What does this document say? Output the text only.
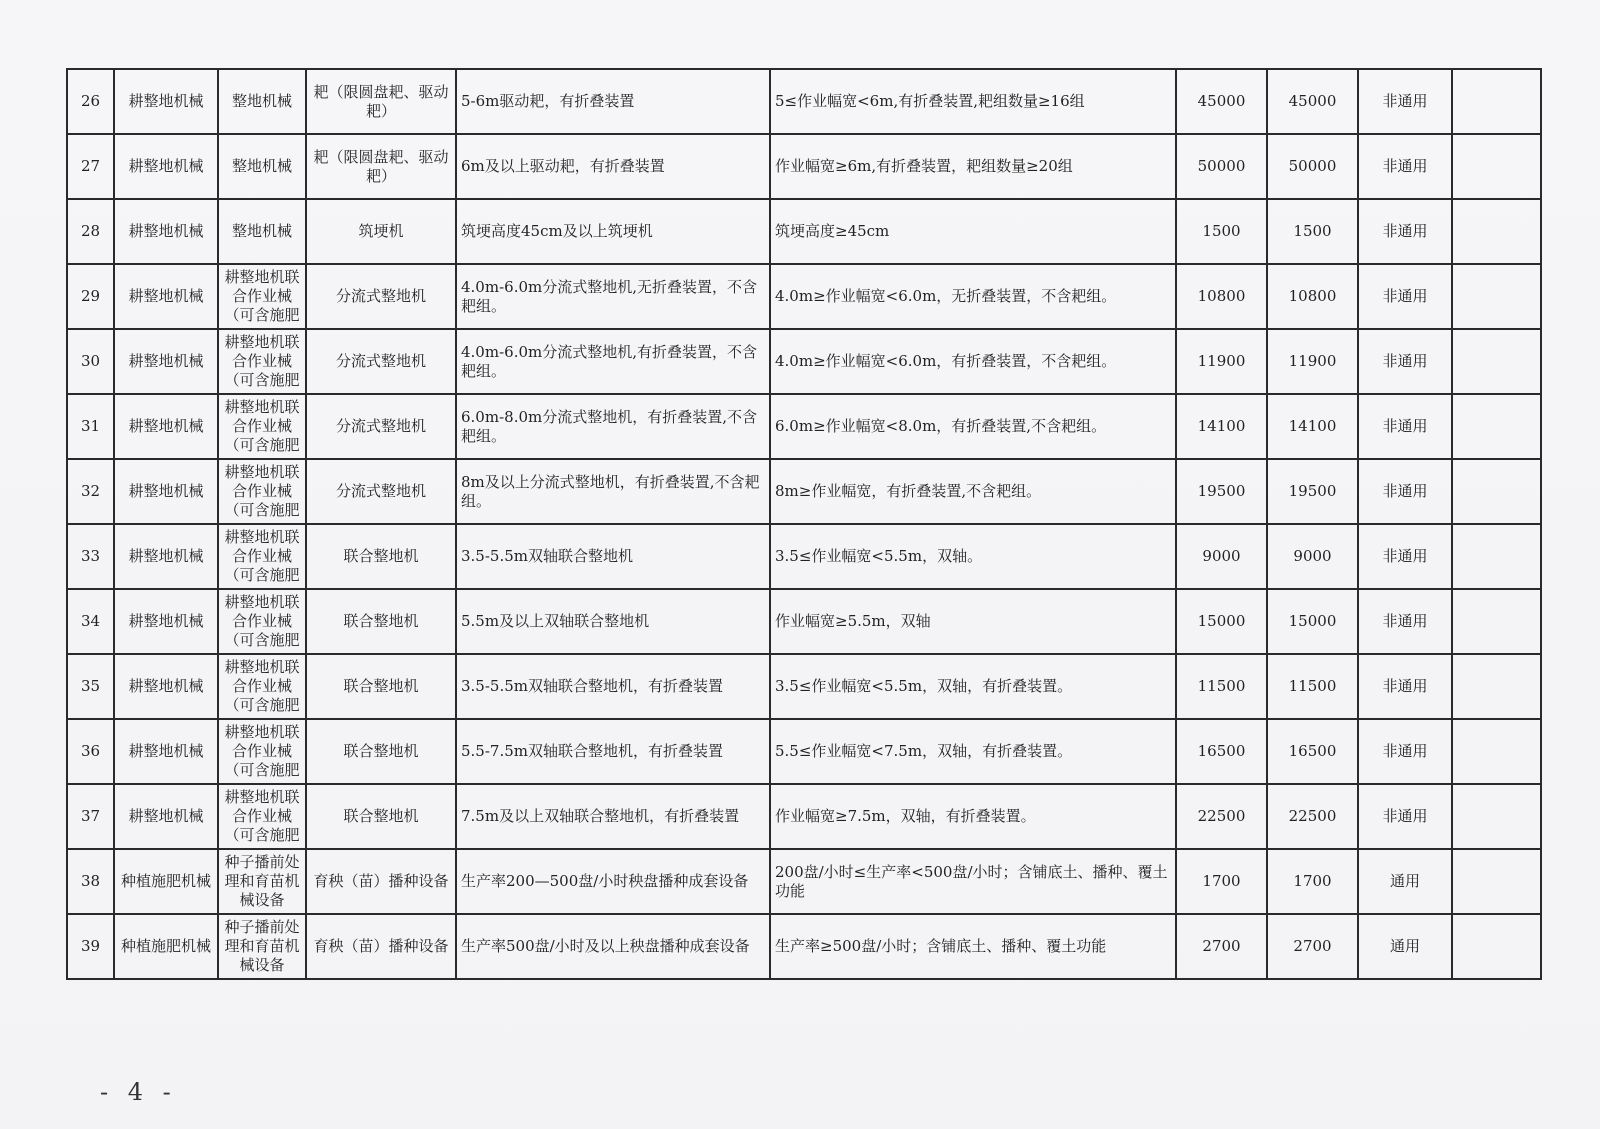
26	耕整地机械	整地机械	耙（限圆盘耙、驱动耙）	5-6m驱动耙，有折叠装置	5≤作业幅宽<6m,有折叠装置,耙组数量≥16组	45000	45000	非通用	
27	耕整地机械	整地机械	耙（限圆盘耙、驱动耙）	6m及以上驱动耙，有折叠装置	作业幅宽≥6m,有折叠装置，耙组数量≥20组	50000	50000	非通用	
28	耕整地机械	整地机械	筑埂机	筑埂高度45cm及以上筑埂机	筑埂高度≥45cm	1500	1500	非通用	
29	耕整地机械	耕整地机联合作业械（可含施肥	分流式整地机	4.0m-6.0m分流式整地机,无折叠装置，不含耙组。	4.0m≥作业幅宽<6.0m，无折叠装置，不含耙组。	10800	10800	非通用	
30	耕整地机械	耕整地机联合作业械（可含施肥	分流式整地机	4.0m-6.0m分流式整地机,有折叠装置，不含耙组。	4.0m≥作业幅宽<6.0m，有折叠装置，不含耙组。	11900	11900	非通用	
31	耕整地机械	耕整地机联合作业械（可含施肥	分流式整地机	6.0m-8.0m分流式整地机，有折叠装置,不含耙组。	6.0m≥作业幅宽<8.0m，有折叠装置,不含耙组。	14100	14100	非通用	
32	耕整地机械	耕整地机联合作业械（可含施肥	分流式整地机	8m及以上分流式整地机，有折叠装置,不含耙组。	8m≥作业幅宽，有折叠装置,不含耙组。	19500	19500	非通用	
33	耕整地机械	耕整地机联合作业械（可含施肥	联合整地机	3.5-5.5m双轴联合整地机	3.5≤作业幅宽<5.5m，双轴。	9000	9000	非通用	
34	耕整地机械	耕整地机联合作业械（可含施肥	联合整地机	5.5m及以上双轴联合整地机	作业幅宽≥5.5m，双轴	15000	15000	非通用	
35	耕整地机械	耕整地机联合作业械（可含施肥	联合整地机	3.5-5.5m双轴联合整地机，有折叠装置	3.5≤作业幅宽<5.5m，双轴，有折叠装置。	11500	11500	非通用	
36	耕整地机械	耕整地机联合作业械（可含施肥	联合整地机	5.5-7.5m双轴联合整地机，有折叠装置	5.5≤作业幅宽<7.5m，双轴，有折叠装置。	16500	16500	非通用	
37	耕整地机械	耕整地机联合作业械（可含施肥	联合整地机	7.5m及以上双轴联合整地机，有折叠装置	作业幅宽≥7.5m，双轴，有折叠装置。	22500	22500	非通用	
38	种植施肥机械	种子播前处理和育苗机械设备	育秧（苗）播种设备	生产率200—500盘/小时秧盘播种成套设备	200盘/小时≤生产率<500盘/小时；含铺底土、播种、覆土功能	1700	1700	通用	
39	种植施肥机械	种子播前处理和育苗机械设备	育秧（苗）播种设备	生产率500盘/小时及以上秧盘播种成套设备	生产率≥500盘/小时；含铺底土、播种、覆土功能	2700	2700	通用	
- 4 -
